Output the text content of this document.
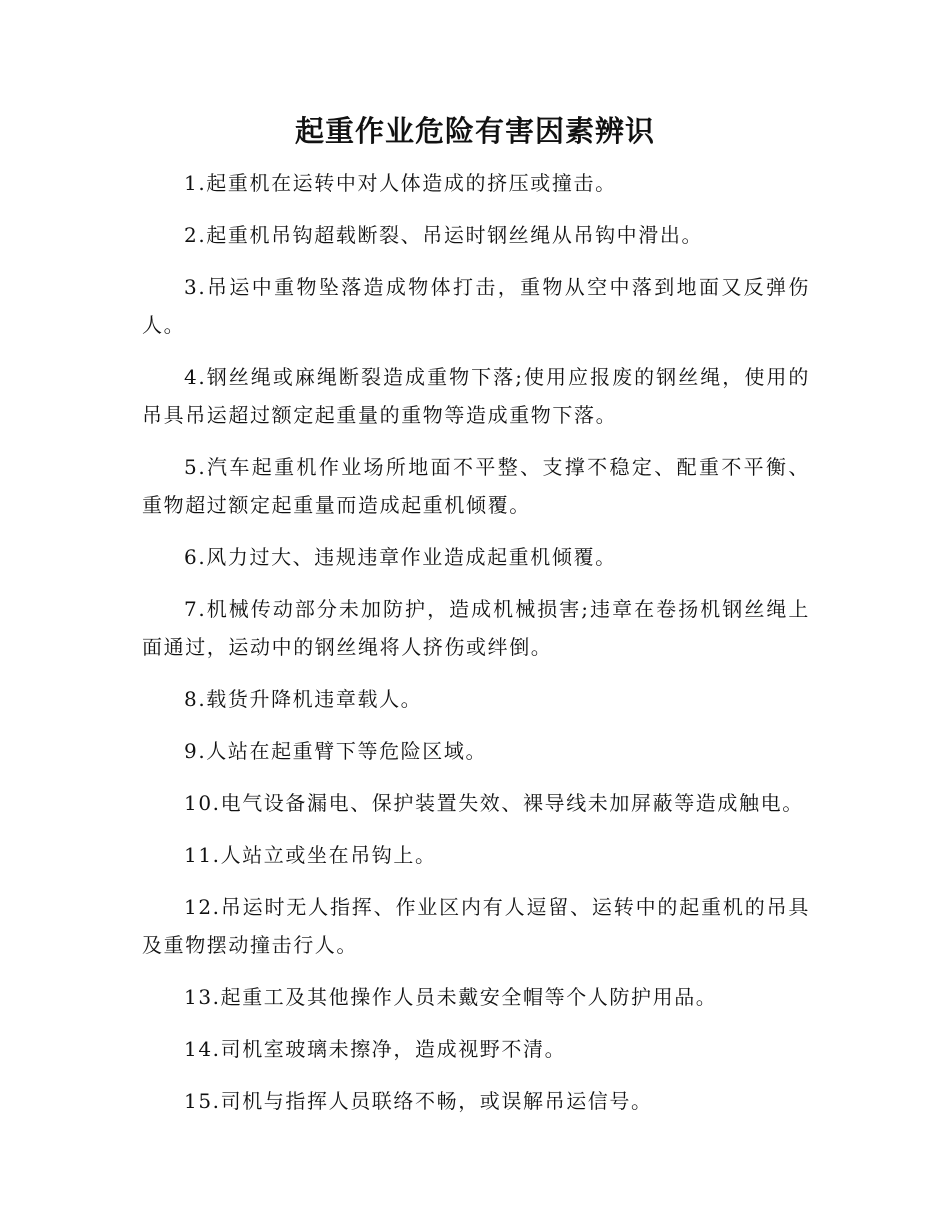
起重作业危险有害因素辨识

1.起重机在运转中对人体造成的挤压或撞击。

2.起重机吊钩超载断裂、吊运时钢丝绳从吊钩中滑出。

3.吊运中重物坠落造成物体打击，重物从空中落到地面又反弹伤人。

4.钢丝绳或麻绳断裂造成重物下落;使用应报废的钢丝绳，使用的吊具吊运超过额定起重量的重物等造成重物下落。

5.汽车起重机作业场所地面不平整、支撑不稳定、配重不平衡、重物超过额定起重量而造成起重机倾覆。

6.风力过大、违规违章作业造成起重机倾覆。

7.机械传动部分未加防护，造成机械损害;违章在卷扬机钢丝绳上面通过，运动中的钢丝绳将人挤伤或绊倒。

8.载货升降机违章载人。

9.人站在起重臂下等危险区域。

10.电气设备漏电、保护装置失效、裸导线未加屏蔽等造成触电。

11.人站立或坐在吊钩上。

12.吊运时无人指挥、作业区内有人逗留、运转中的起重机的吊具及重物摆动撞击行人。

13.起重工及其他操作人员未戴安全帽等个人防护用品。

14.司机室玻璃未擦净，造成视野不清。

15.司机与指挥人员联络不畅，或误解吊运信号。
